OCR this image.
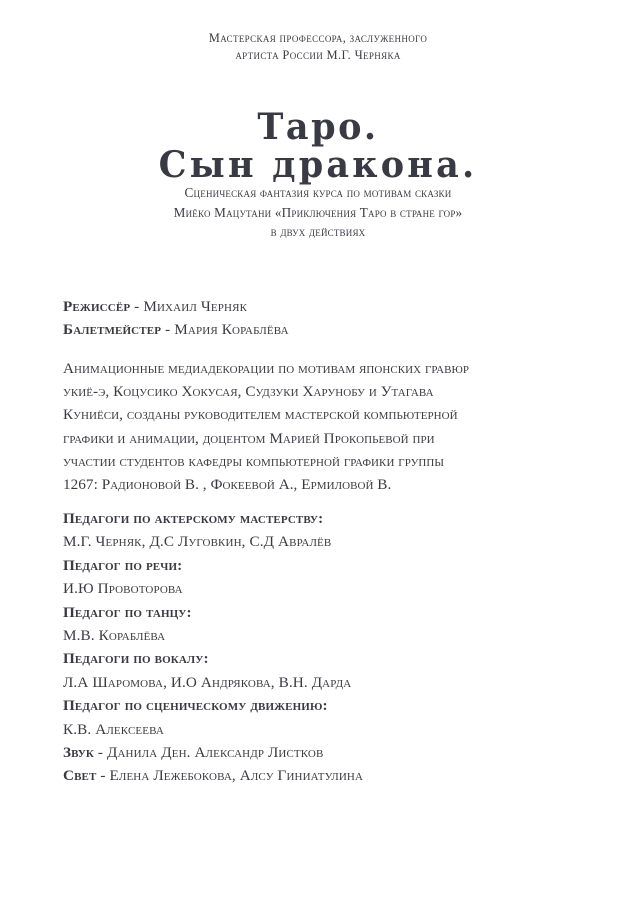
Мастерская профессора, заслуженного
артиста России М.Г. Черняка
Таро.
Сын дракона.
Сценическая фантазия курса по мотивам сказки
Миёко Мацутани «Приключения Таро в стране гор»
в двух действиях
Режиссёр - Михаил Черняк
Балетмейстер - Мария Кораблёва
Анимационные медиадекорации по мотивам японских гравюр
укиё-э, Коцусико Хокусая, Судзуки Харунобу и Утагава
Куниёси, созданы руководителем мастерской компьютерной
графики и анимации, доцентом Марией Прокопьевой при
участии студентов кафедры компьютерной графики группы
1267: Радионовой В. , Фокеевой А., Ермиловой В.
Педагоги по актерскому мастерству:
М.Г. Черняк, Д.С Луговкин, С.Д Авралёв
Педагог по речи:
И.Ю Провоторова
Педагог по танцу:
М.В. Кораблёва
Педагоги по вокалу:
Л.А Шаромова, И.О Андрякова, В.Н. Дарда
Педагог по сценическому движению:
К.В. Алексеева
Звук - Данила Ден. Александр Листков
Свет - Елена Лежебокова, Алсу Гиниатулина
